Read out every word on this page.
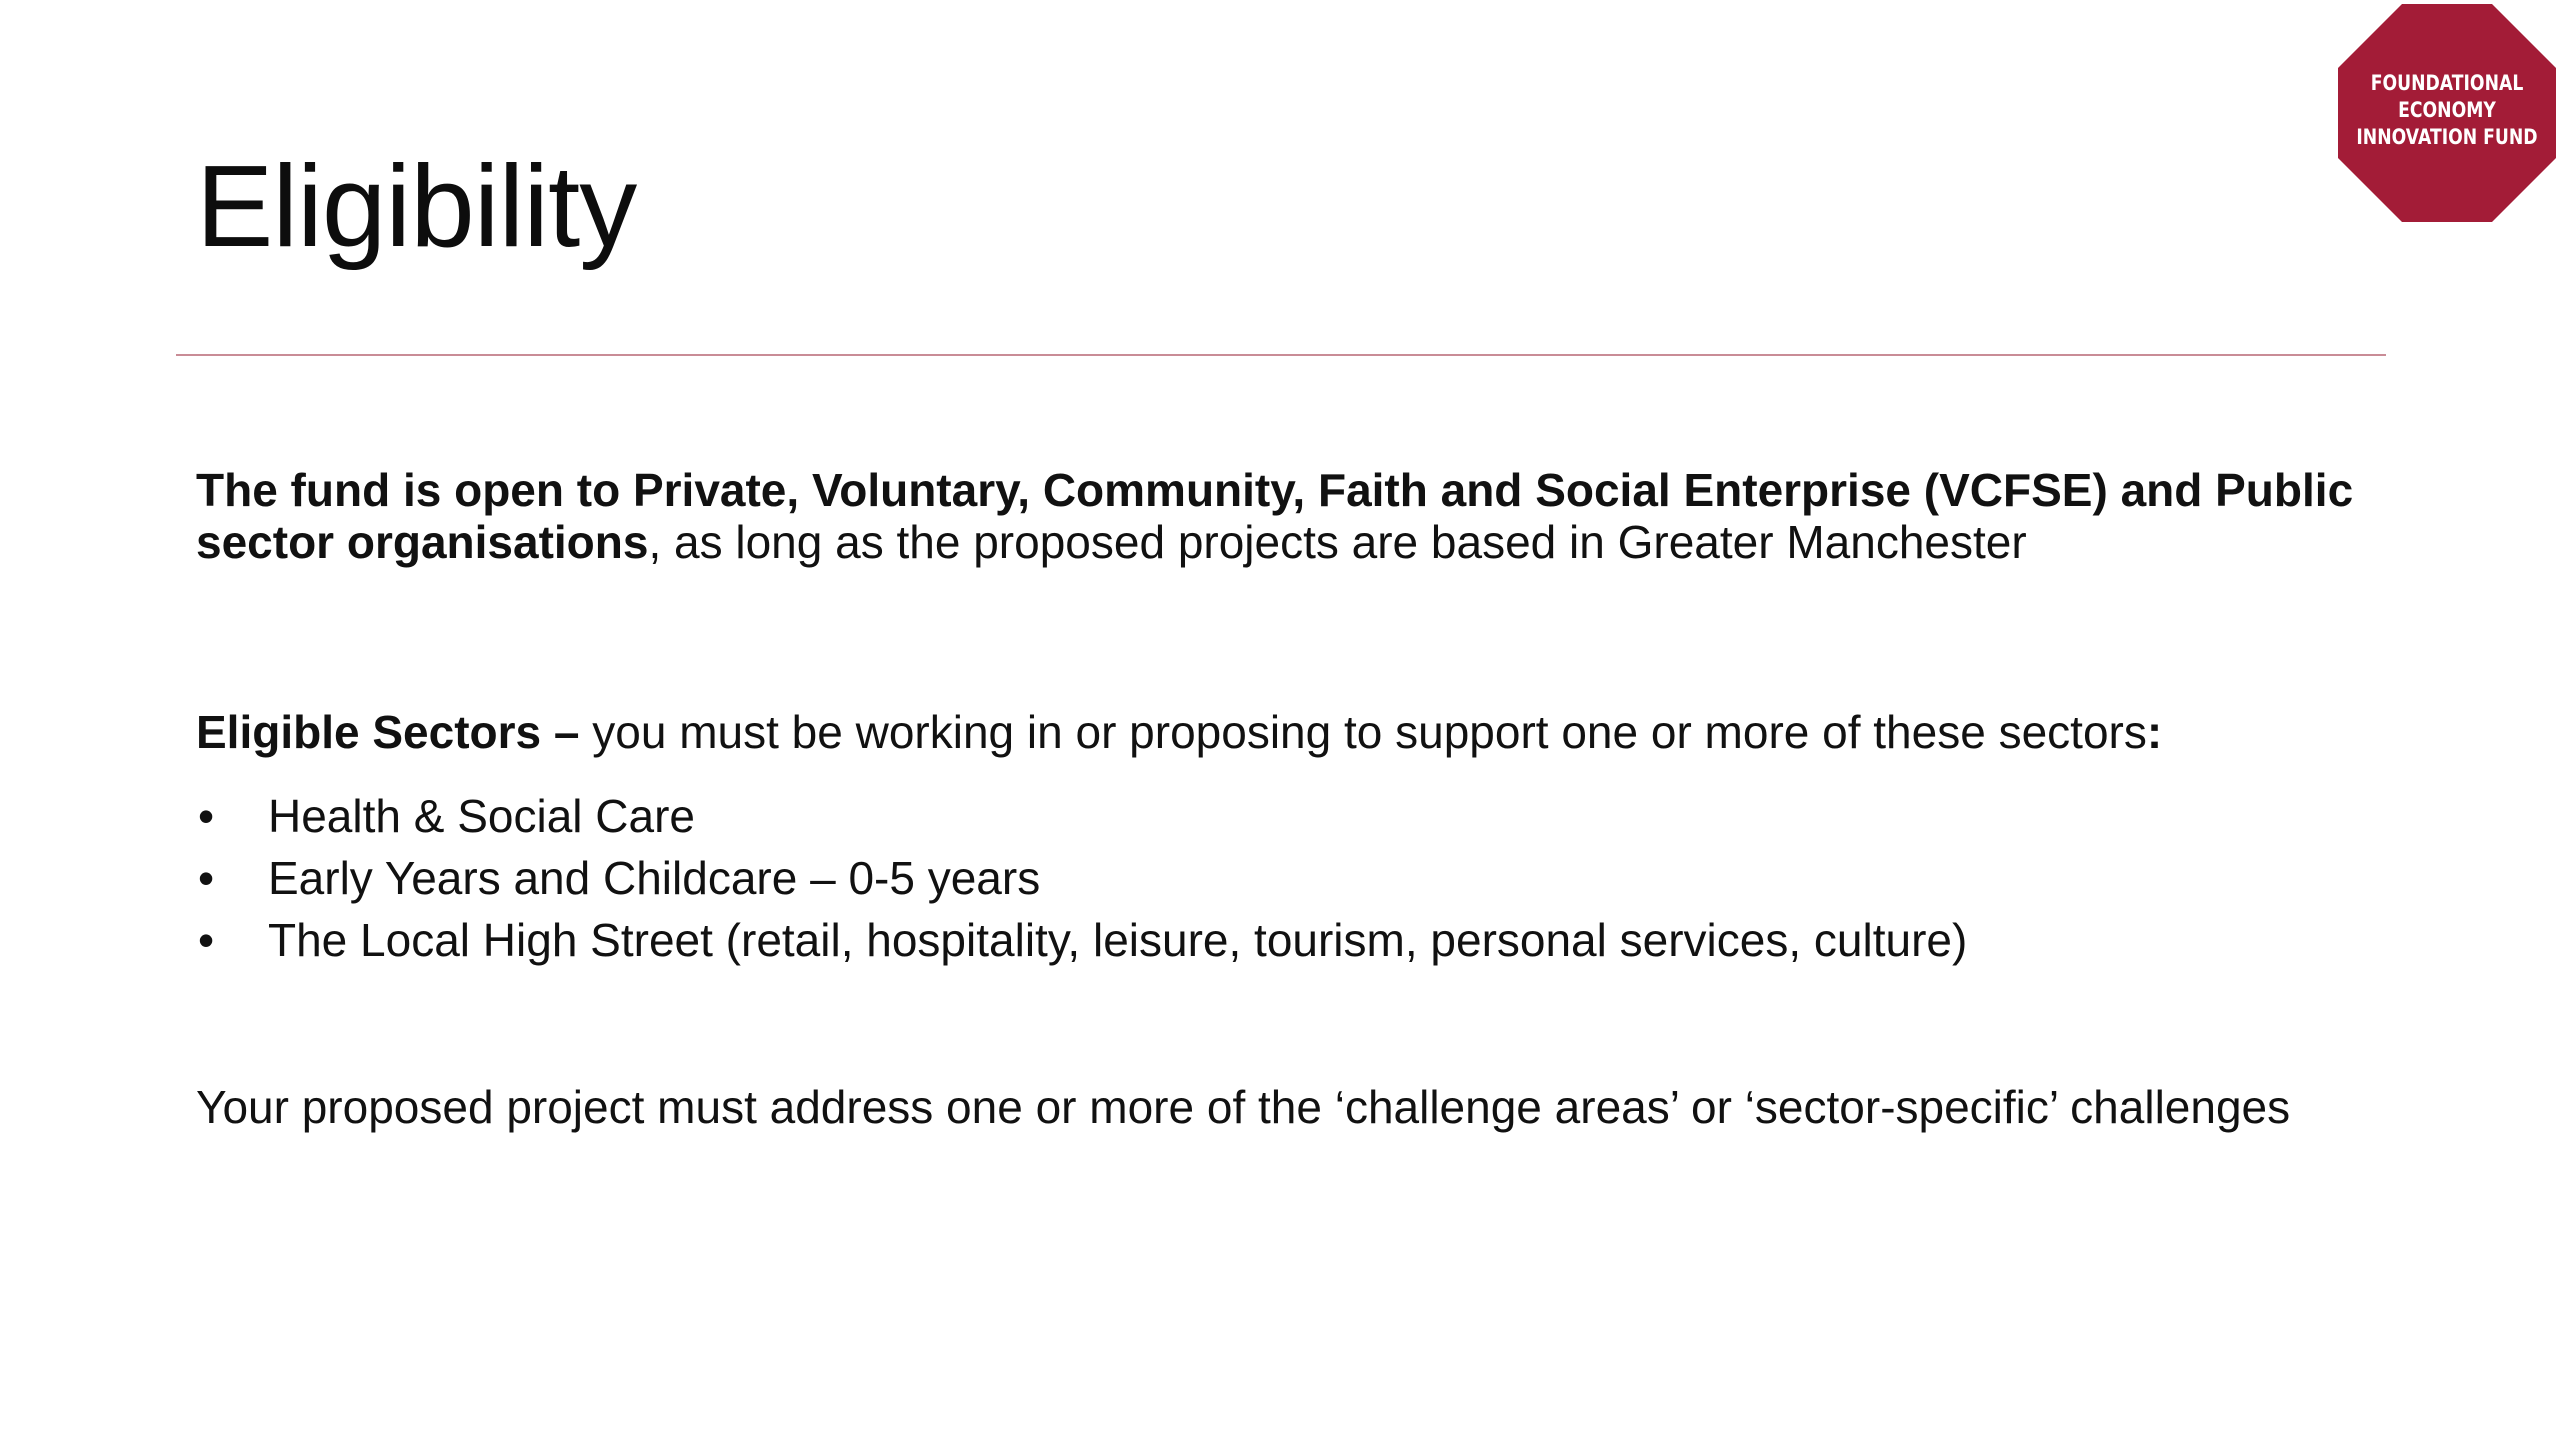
Eligibility
FOUNDATIONAL
ECONOMY
INNOVATION FUND

The fund is open to Private, Voluntary, Community, Faith and Social Enterprise (VCFSE) and Public sector organisations, as long as the proposed projects are based in Greater Manchester

Eligible Sectors – you must be working in or proposing to support one or more of these sectors:

• Health & Social Care
• Early Years and Childcare – 0-5 years
• The Local High Street (retail, hospitality, leisure, tourism, personal services, culture)

Your proposed project must address one or more of the ‘challenge areas’ or ‘sector-specific’ challenges
